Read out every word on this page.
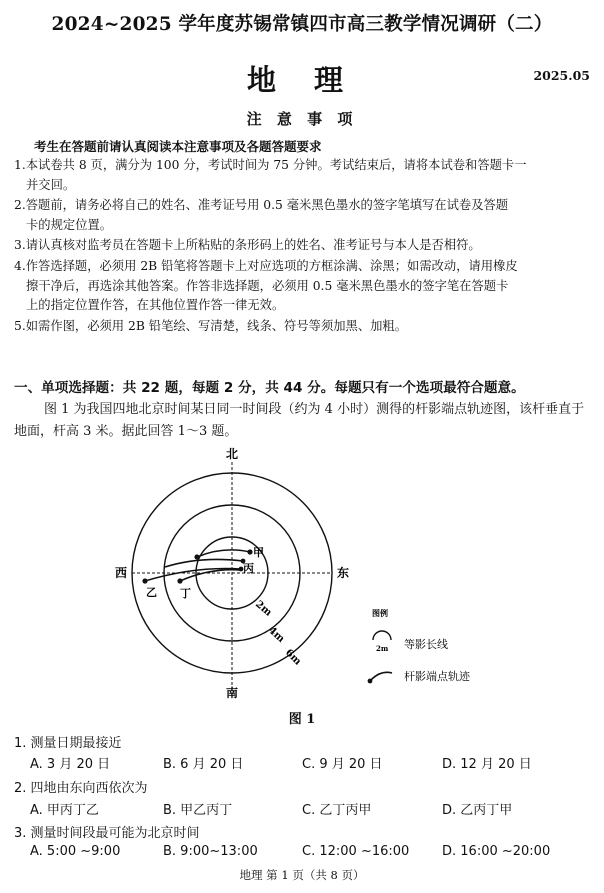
2024~2025 学年度苏锡常镇四市高三教学情况调研（二）
地 理	2025.05
注 意 事 项
考生在答题前请认真阅读本注意事项及各题答题要求
1.本试卷共 8 页，满分为 100 分，考试时间为 75 分钟。考试结束后，请将本试卷和答题卡一
并交回。
2.答题前，请务必将自己的姓名、准考证号用 0.5 毫米黑色墨水的签字笔填写在试卷及答题
卡的规定位置。
3.请认真核对监考员在答题卡上所粘贴的条形码上的姓名、准考证号与本人是否相符。
4.作答选择题，必须用 2B 铅笔将答题卡上对应选项的方框涂满、涂黑；如需改动，请用橡皮
擦干净后，再选涂其他答案。作答非选择题，必须用 0.5 毫米黑色墨水的签字笔在答题卡
上的指定位置作答，在其他位置作答一律无效。
5.如需作图，必须用 2B 铅笔绘、写清楚，线条、符号等须加黑、加粗。
一、单项选择题：共 22 题，每题 2 分，共 44 分。每题只有一个选项最符合题意。
图 1 为我国四地北京时间某日同一时间段（约为 4 小时）测得的杆影端点轨迹图，该杆垂直于地面，杆高 3 米。据此回答 1～3 题。
北
南
东
西
2m
4m
6m
甲
乙
丙
丁
图例
2m 等影长线
杆影端点轨迹
图 1
1. 测量日期最接近
A. 3 月 20 日	B. 6 月 20 日	C. 9 月 20 日	D. 12 月 20 日
2. 四地由东向西依次为
A. 甲丙丁乙	B. 甲乙丙丁	C. 乙丁丙甲	D. 乙丙丁甲
3. 测量时间段最可能为北京时间
A. 5:00 ~9:00	B. 9:00~13:00	C. 12:00 ~16:00	D. 16:00 ~20:00
地理 第 1 页（共 8 页）
